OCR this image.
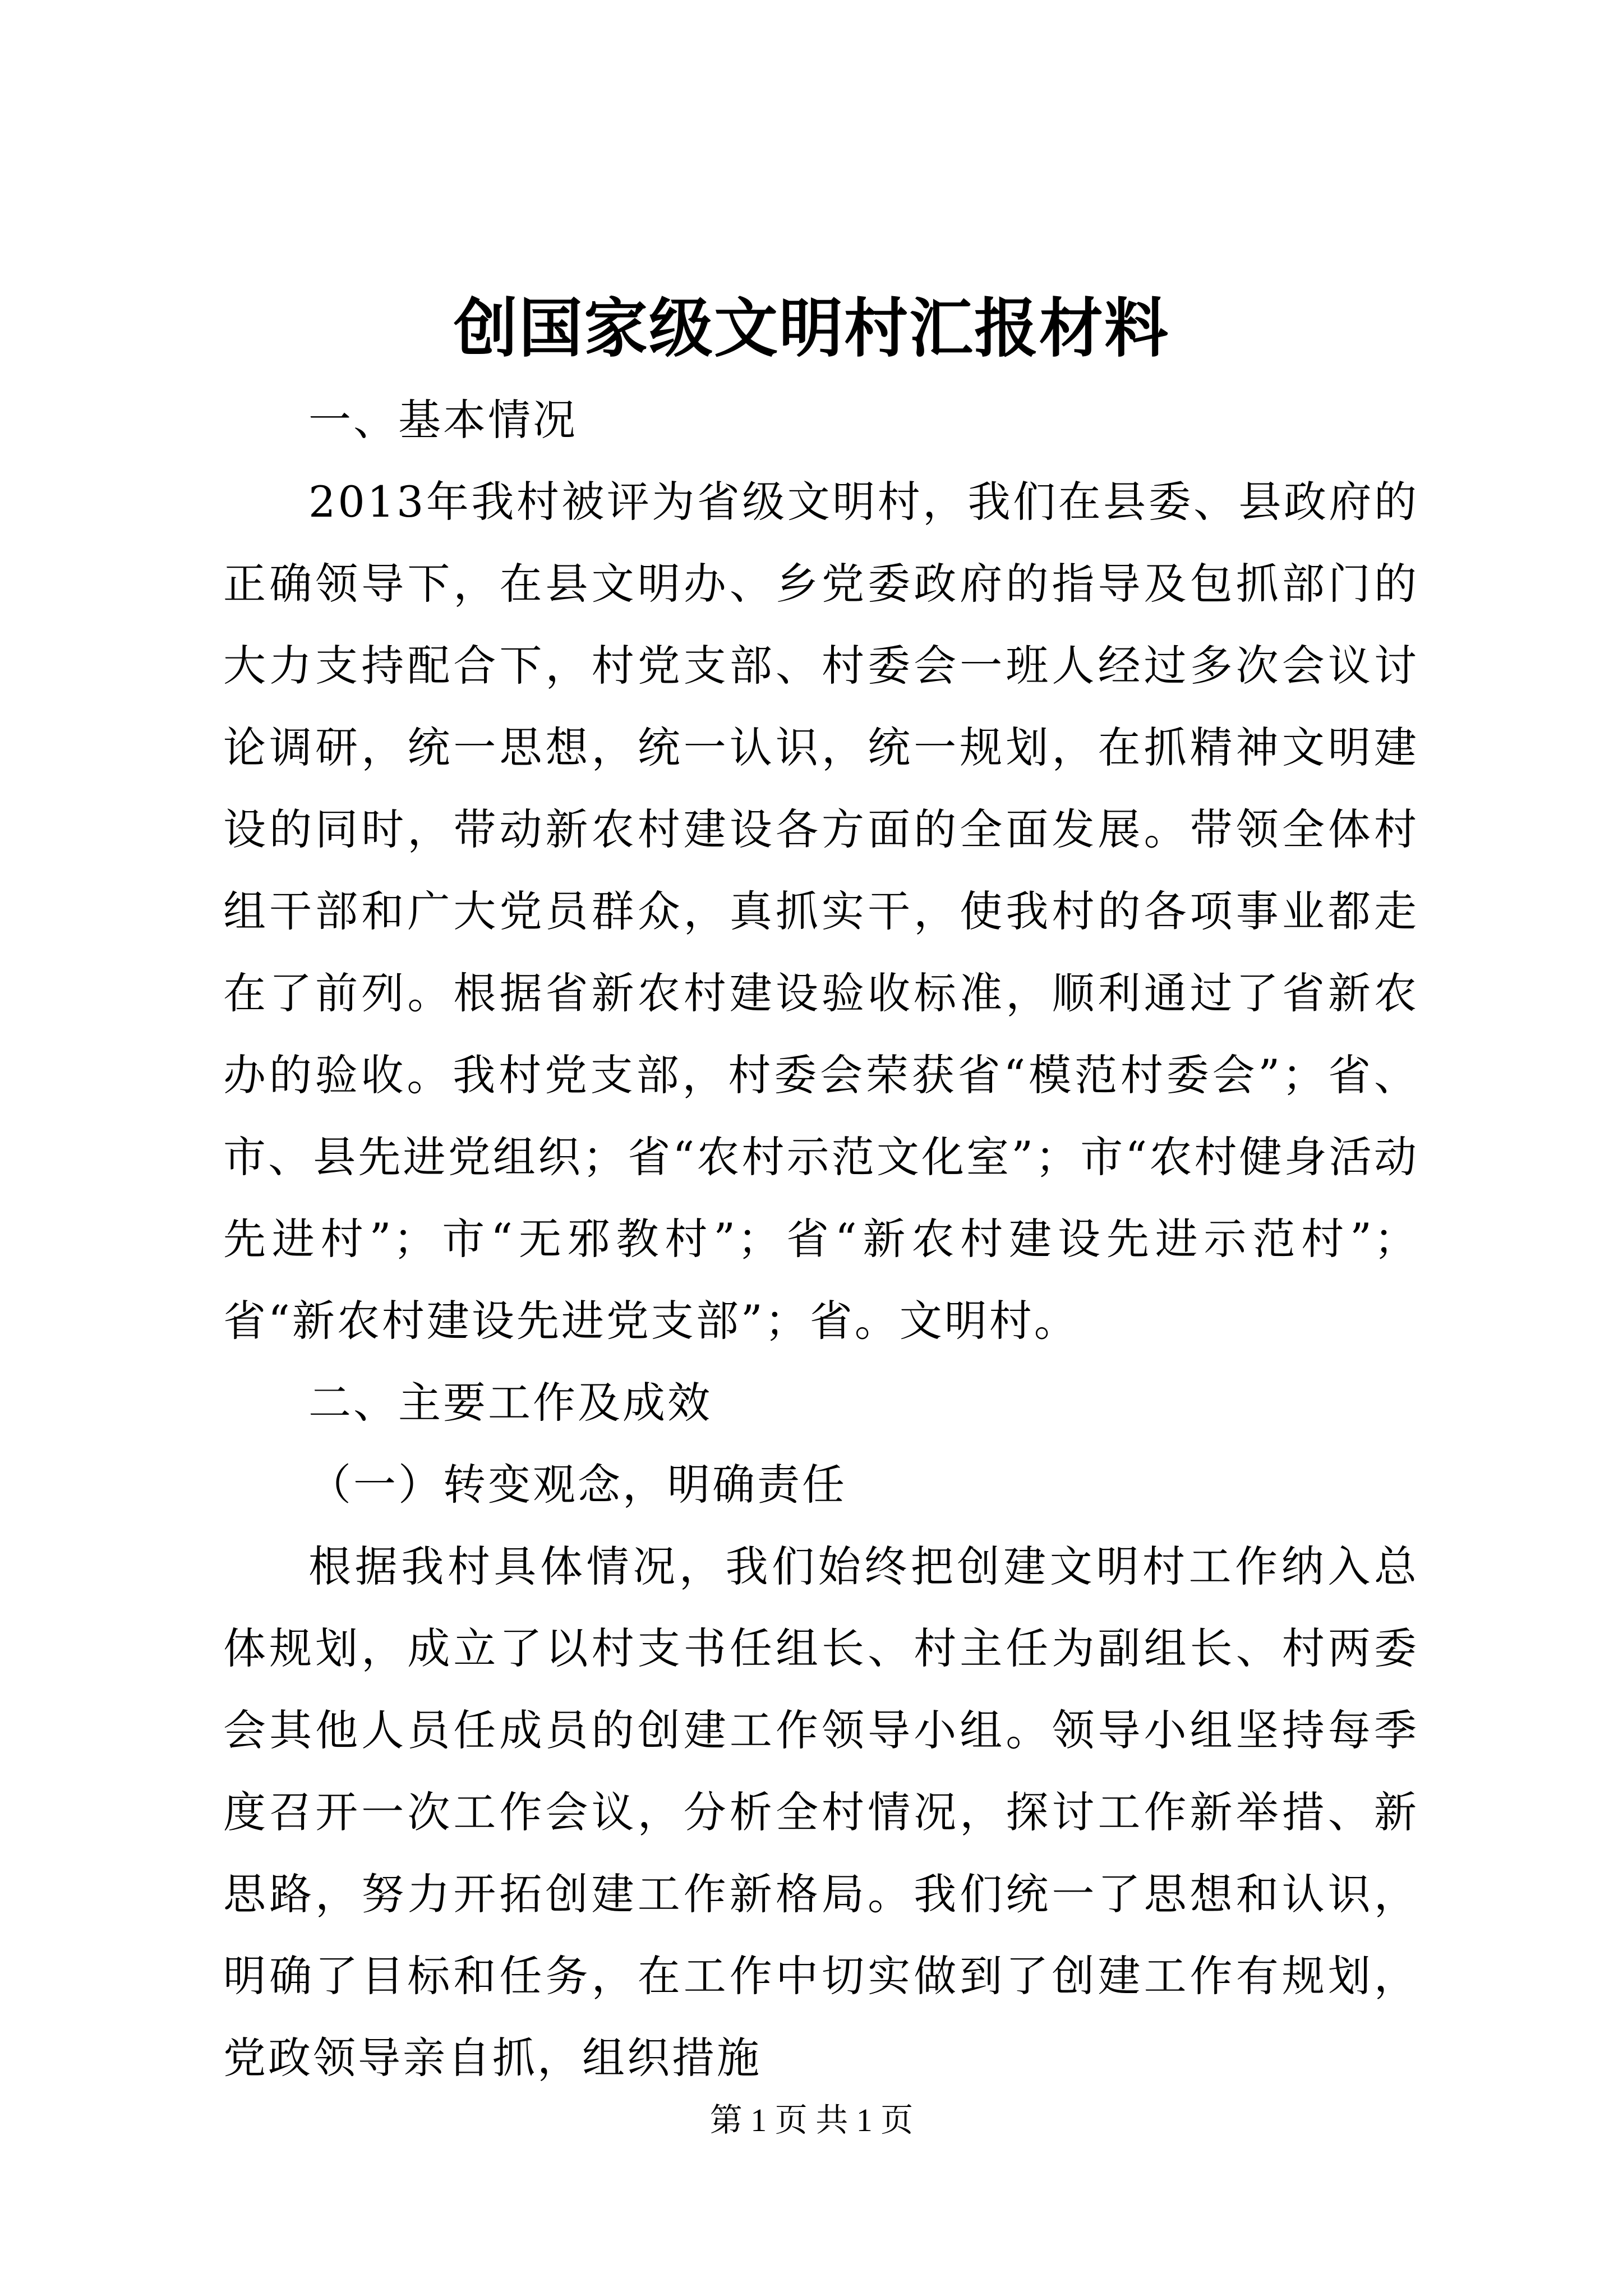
创国家级文明村汇报材料

一、基本情况

2013年我村被评为省级文明村，我们在县委、县政府的正确领导下，在县文明办、乡党委政府的指导及包抓部门的大力支持配合下，村党支部、村委会一班人经过多次会议讨论调研，统一思想，统一认识，统一规划，在抓精神文明建设的同时，带动新农村建设各方面的全面发展。带领全体村组干部和广大党员群众，真抓实干，使我村的各项事业都走在了前列。根据省新农村建设验收标准，顺利通过了省新农办的验收。我村党支部，村委会荣获省“模范村委会”；省、市、县先进党组织；省“农村示范文化室”；市“农村健身活动先进村”；市“无邪教村”；省“新农村建设先进示范村”；省“新农村建设先进党支部”；省。文明村。

二、主要工作及成效

（一）转变观念，明确责任

根据我村具体情况，我们始终把创建文明村工作纳入总体规划，成立了以村支书任组长、村主任为副组长、村两委会其他人员任成员的创建工作领导小组。领导小组坚持每季度召开一次工作会议，分析全村情况，探讨工作新举措、新思路，努力开拓创建工作新格局。我们统一了思想和认识，明确了目标和任务，在工作中切实做到了创建工作有规划，党政领导亲自抓，组织措施

第 1 页 共 1 页
